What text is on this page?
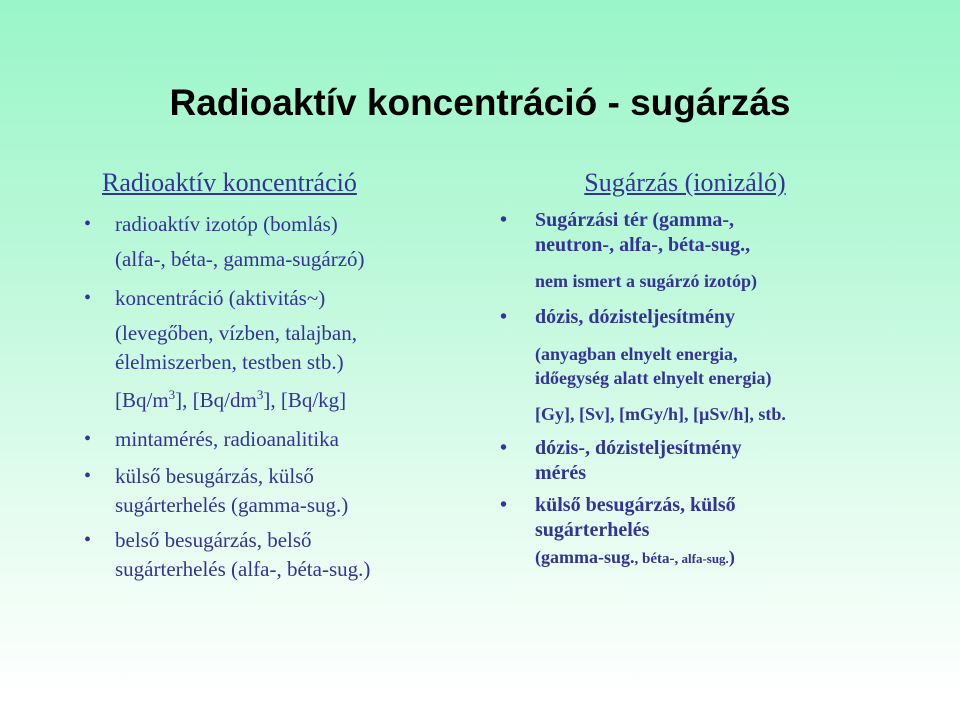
Radioaktív koncentráció - sugárzás

Radioaktív koncentráció

• radioaktív izotóp (bomlás)
(alfa-, béta-, gamma-sugárzó)
• koncentráció (aktivitás~)
(levegőben, vízben, talajban,
élelmiszerben, testben stb.)
$[Bq/m^3]$, $[Bq/dm^3]$, [Bq/kg]
• mintamérés, radioanalitika
• külső besugárzás, külső
sugárterhelés (gamma-sug.)
• belső besugárzás, belső
sugárterhelés (alfa-, béta-sug.)

Sugárzás (ionizáló)

• Sugárzási tér (gamma-,
neutron-, alfa-, béta-sug.,
nem ismert a sugárzó izotóp)
• dózis, dózisteljesítmény
(anyagban elnyelt energia,
időegység alatt elnyelt energia)
[Gy], [Sv], [mGy/h], [µSv/h], stb.
• dózis-, dózisteljesítmény
mérés
• külső besugárzás, külső
sugárterhelés
(gamma-sug., béta-, alfa-sug.)
